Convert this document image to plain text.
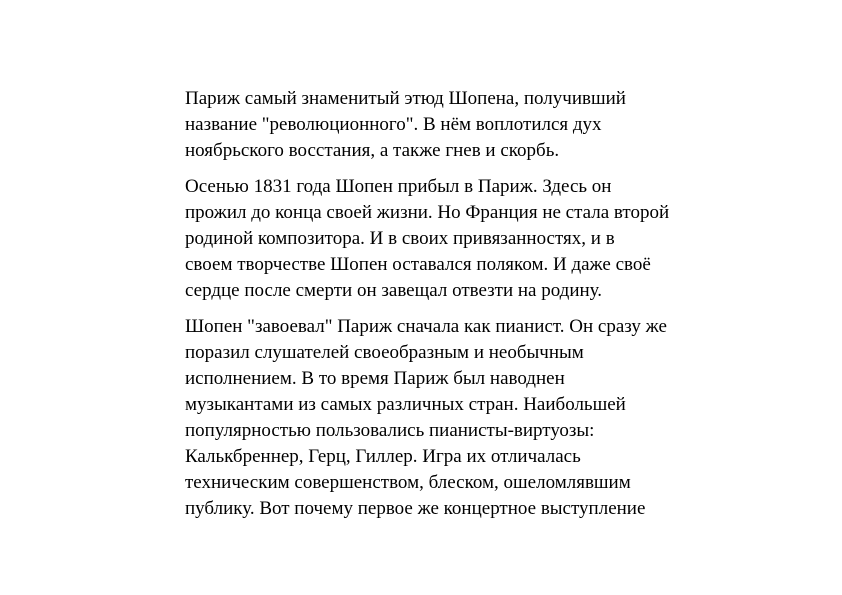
Париж самый знаменитый этюд Шопена, получивший
название "революционного". В нём воплотился дух
ноябрьского восстания, а также гнев и скорбь.

Осенью 1831 года Шопен прибыл в Париж. Здесь он
прожил до конца своей жизни. Но Франция не стала второй
родиной композитора. И в своих привязанностях, и в
своем творчестве Шопен оставался поляком. И даже своё
сердце после смерти он завещал отвезти на родину.

Шопен "завоевал" Париж сначала как пианист. Он сразу же
поразил слушателей своеобразным и необычным
исполнением. В то время Париж был наводнен
музыкантами из самых различных стран. Наибольшей
популярностью пользовались пианисты-виртуозы:
Калькбреннер, Герц, Гиллер. Игра их отличалась
техническим совершенством, блеском, ошеломлявшим
публику. Вот почему первое же концертное выступление
